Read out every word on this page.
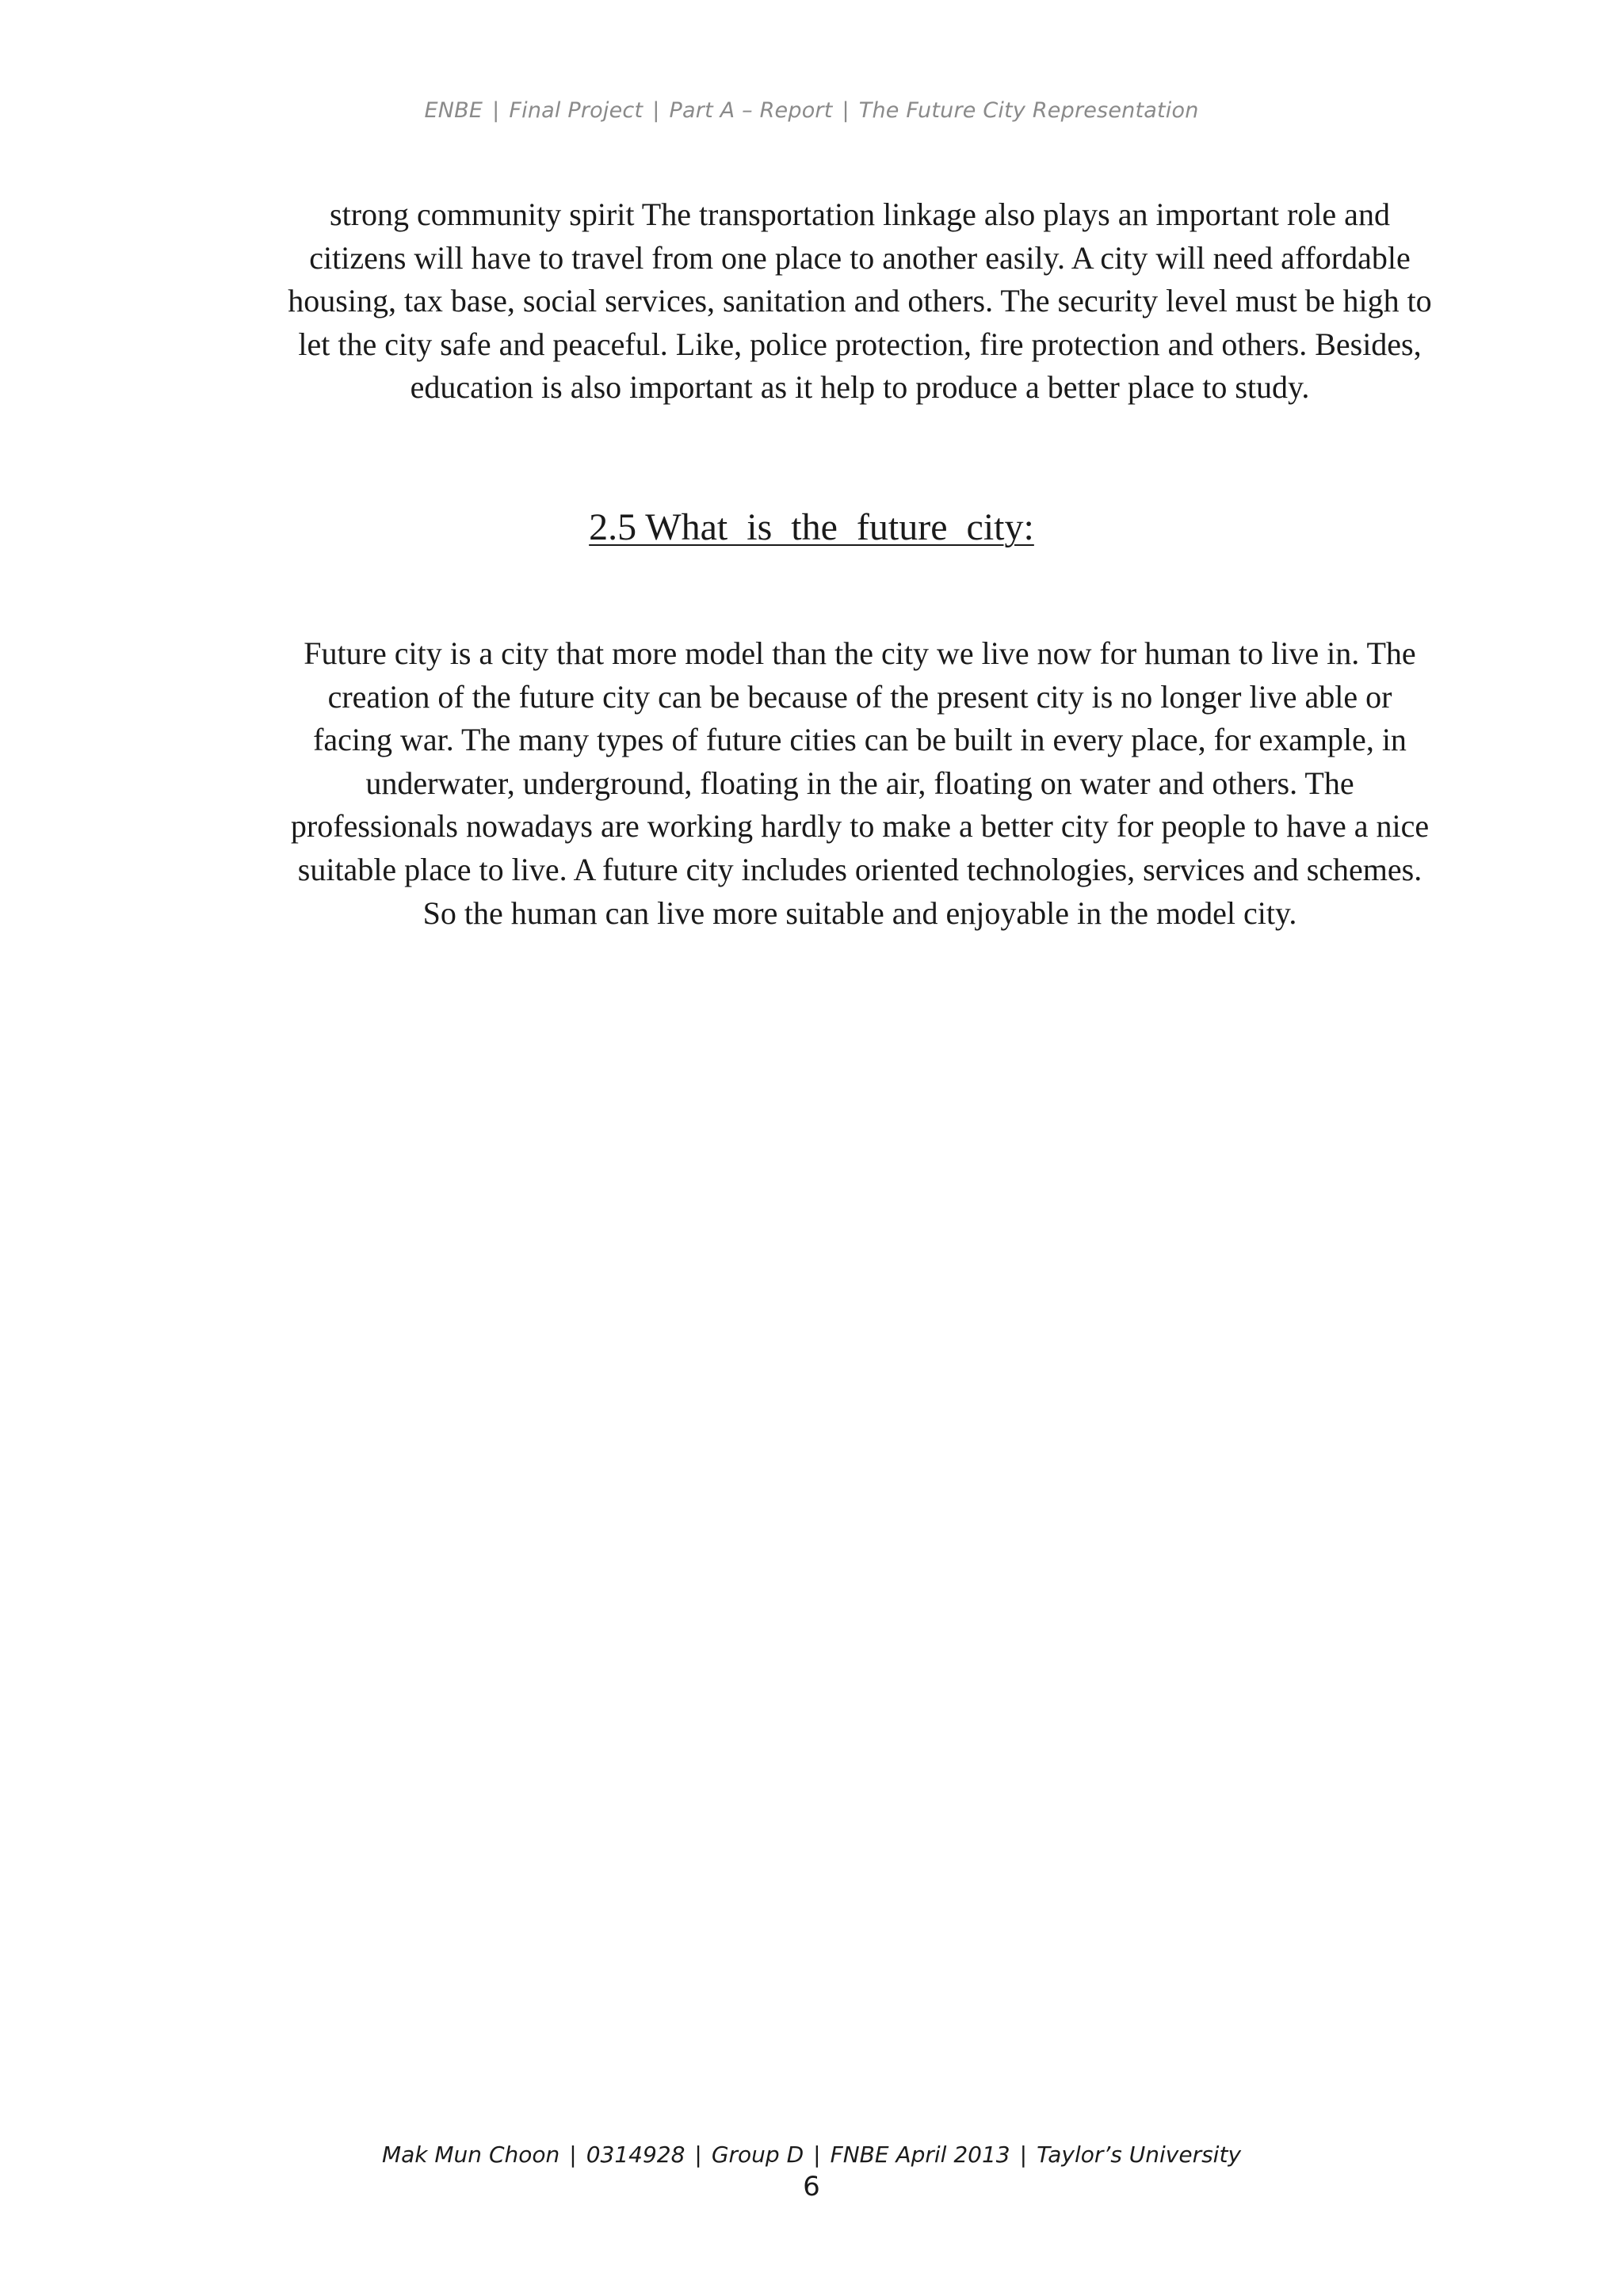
ENBE | Final Project | Part A – Report | The Future City Representation

strong community spirit The transportation linkage also plays an important role and citizens will have to travel from one place to another easily. A city will need affordable housing, tax base, social services, sanitation and others. The security level must be high to let the city safe and peaceful. Like, police protection, fire protection and others. Besides, education is also important as it help to produce a better place to study.

2.5 What  is  the  future  city:

Future city is a city that more model than the city we live now for human to live in. The creation of the future city can be because of the present city is no longer live able or facing war. The many types of future cities can be built in every place, for example, in underwater, underground, floating in the air, floating on water and others. The professionals nowadays are working hardly to make a better city for people to have a nice suitable place to live. A future city includes oriented technologies, services and schemes. So the human can live more suitable and enjoyable in the model city.

Mak Mun Choon | 0314928 | Group D | FNBE April 2013 | Taylor’s University
6
